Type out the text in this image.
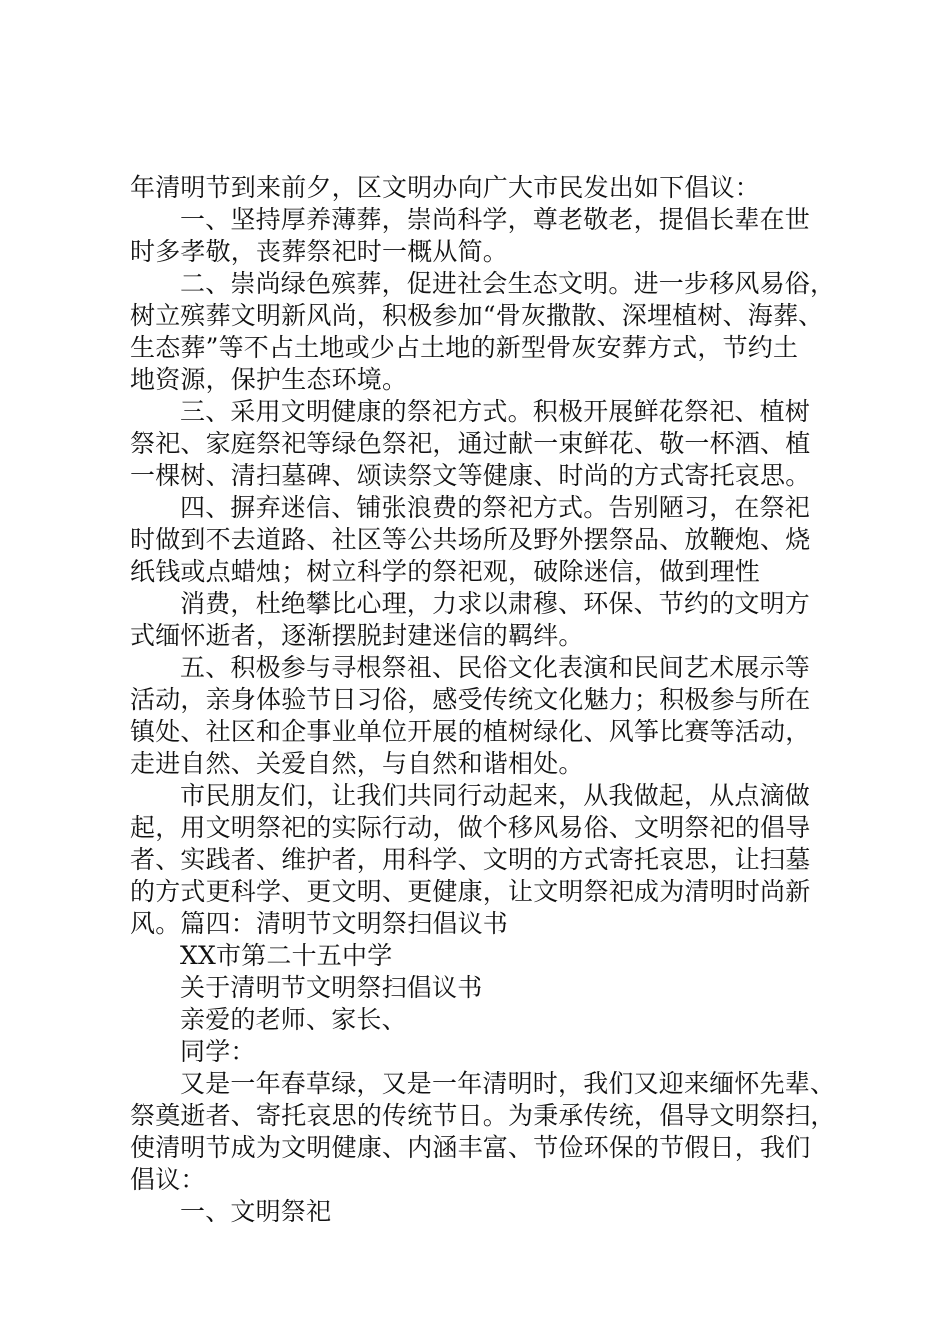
年清明节到来前夕，区文明办向广大市民发出如下倡议：
一、坚持厚养薄葬，崇尚科学，尊老敬老，提倡长辈在世
时多孝敬，丧葬祭祀时一概从简。
二、崇尚绿色殡葬，促进社会生态文明。进一步移风易俗，
树立殡葬文明新风尚，积极参加“骨灰撒散、深埋植树、海葬、
生态葬”等不占土地或少占土地的新型骨灰安葬方式，节约土
地资源，保护生态环境。
三、采用文明健康的祭祀方式。积极开展鲜花祭祀、植树
祭祀、家庭祭祀等绿色祭祀，通过献一束鲜花、敬一杯酒、植
一棵树、清扫墓碑、颂读祭文等健康、时尚的方式寄托哀思。
四、摒弃迷信、铺张浪费的祭祀方式。告别陋习，在祭祀
时做到不去道路、社区等公共场所及野外摆祭品、放鞭炮、烧
纸钱或点蜡烛；树立科学的祭祀观，破除迷信，做到理性
消费，杜绝攀比心理，力求以肃穆、环保、节约的文明方
式缅怀逝者，逐渐摆脱封建迷信的羁绊。
五、积极参与寻根祭祖、民俗文化表演和民间艺术展示等
活动，亲身体验节日习俗，感受传统文化魅力；积极参与所在
镇处、社区和企事业单位开展的植树绿化、风筝比赛等活动，
走进自然、关爱自然，与自然和谐相处。
市民朋友们，让我们共同行动起来，从我做起，从点滴做
起，用文明祭祀的实际行动，做个移风易俗、文明祭祀的倡导
者、实践者、维护者，用科学、文明的方式寄托哀思，让扫墓
的方式更科学、更文明、更健康，让文明祭祀成为清明时尚新
风。篇四：清明节文明祭扫倡议书
XX市第二十五中学
关于清明节文明祭扫倡议书
亲爱的老师、家长、
同学：
又是一年春草绿，又是一年清明时，我们又迎来缅怀先辈、
祭奠逝者、寄托哀思的传统节日。为秉承传统，倡导文明祭扫，
使清明节成为文明健康、内涵丰富、节俭环保的节假日，我们
倡议：
一、文明祭祀
